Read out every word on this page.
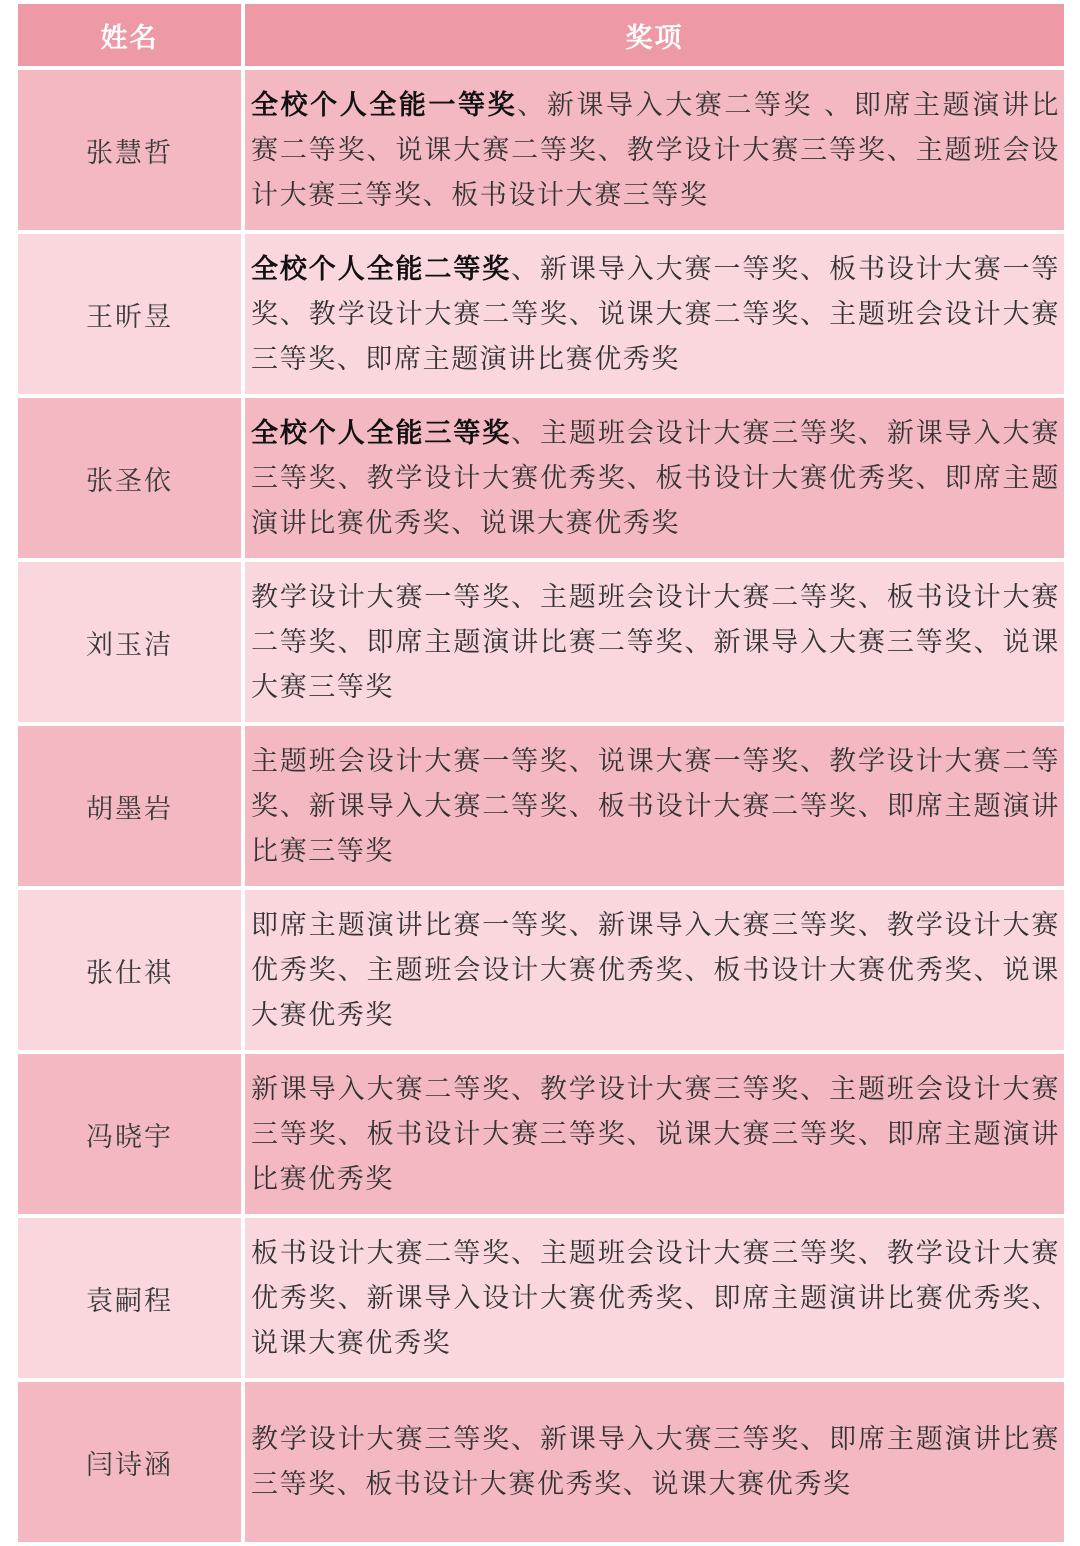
姓名	奖项
张慧哲

全校个人全能一等奖、新课导入大赛二等奖 、即席主题演讲比赛二等奖、说课大赛二等奖、教学设计大赛三等奖、主题班会设计大赛三等奖、板书设计大赛三等奖

王昕昱

全校个人全能二等奖、新课导入大赛一等奖、板书设计大赛一等奖、教学设计大赛二等奖、说课大赛二等奖、主题班会设计大赛三等奖、即席主题演讲比赛优秀奖

张圣依

全校个人全能三等奖、主题班会设计大赛三等奖、新课导入大赛三等奖、教学设计大赛优秀奖、板书设计大赛优秀奖、即席主题演讲比赛优秀奖、说课大赛优秀奖

刘玉洁

教学设计大赛一等奖、主题班会设计大赛二等奖、板书设计大赛二等奖、即席主题演讲比赛二等奖、新课导入大赛三等奖、说课大赛三等奖

胡墨岩

主题班会设计大赛一等奖、说课大赛一等奖、教学设计大赛二等奖、新课导入大赛二等奖、板书设计大赛二等奖、即席主题演讲比赛三等奖

张仕祺

即席主题演讲比赛一等奖、新课导入大赛三等奖、教学设计大赛优秀奖、主题班会设计大赛优秀奖、板书设计大赛优秀奖、说课大赛优秀奖

冯晓宇

新课导入大赛二等奖、教学设计大赛三等奖、主题班会设计大赛三等奖、板书设计大赛三等奖、说课大赛三等奖、即席主题演讲比赛优秀奖

袁嗣程

板书设计大赛二等奖、主题班会设计大赛三等奖、教学设计大赛优秀奖、新课导入设计大赛优秀奖、即席主题演讲比赛优秀奖、说课大赛优秀奖

闫诗涵

教学设计大赛三等奖、新课导入大赛三等奖、即席主题演讲比赛三等奖、板书设计大赛优秀奖、说课大赛优秀奖
